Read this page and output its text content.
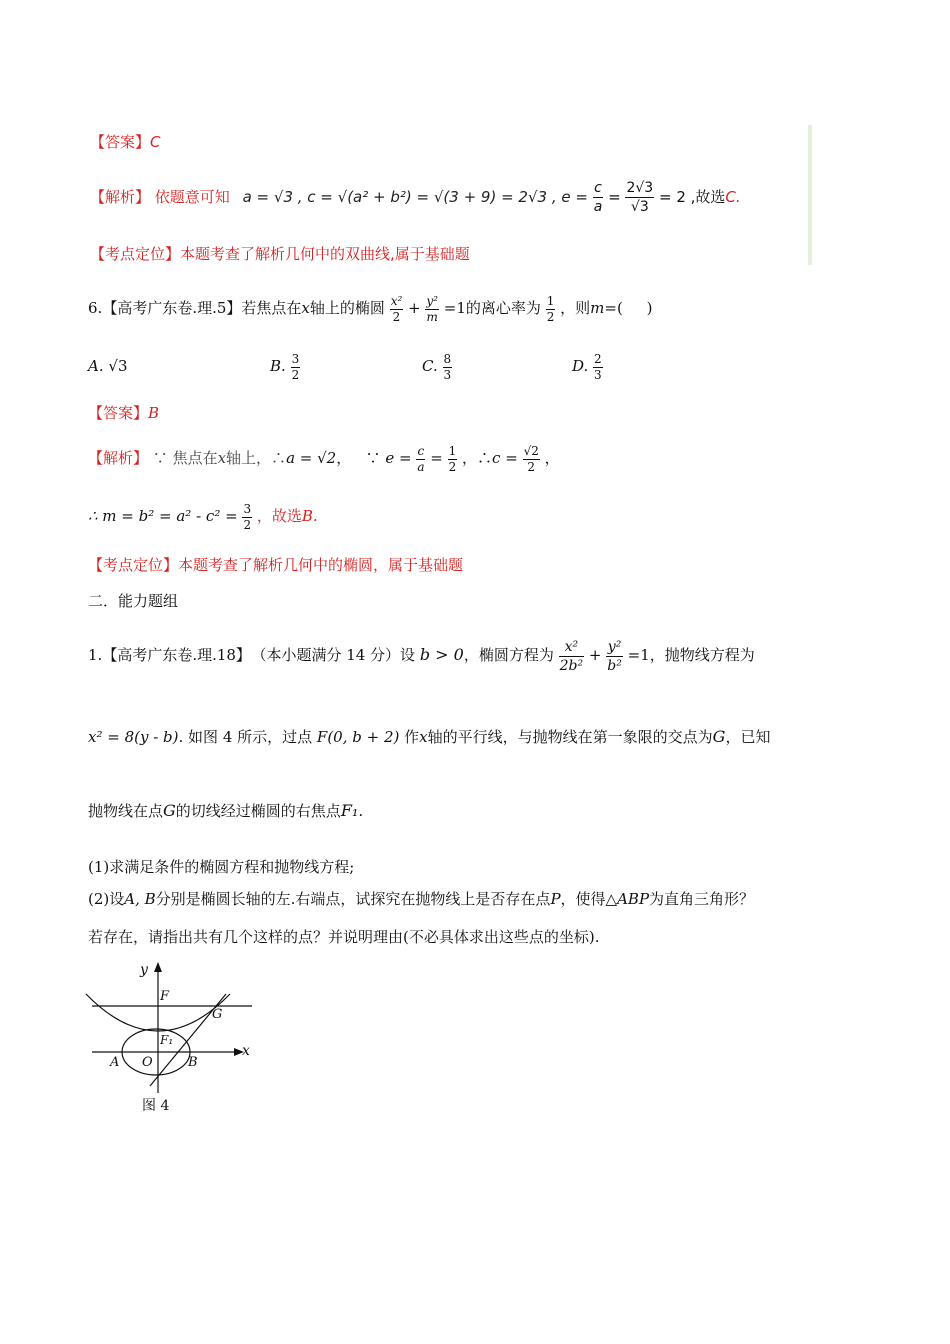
【答案】C
【解析】 依题意可知 a = √3 , c = √(a² + b²) = √(3 + 9) = 2√3 , $e = \frac{c}{a} = \frac{2√3}{√3} = 2$ ,故选C.
【考点定位】本题考查了解析几何中的双曲线,属于基础题
6.【高考广东卷.理.5】若焦点在x轴上的椭圆 $\frac{\text{x²}}{2} + \frac{\text{y²}}{m} =1$的离心率为 $\frac{1}{2}$ ，则m=(     )
A. √3	B. $\frac{3}{2}$	C. $\frac{8}{3}$	D. $\frac{2}{3}$
【答案】B
【解析】 ∵ 焦点在x轴上，∴a = √2，   ∵ $e = \frac{c}{a} = \frac{1}{2}$ ，∴c = $\frac{√2}{2}$ ，
∴ $m = b^2 = a^2 - c^2 = \frac{3}{2}$ ，故选B.
【考点定位】本题考查了解析几何中的椭圆，属于基础题
二．能力题组
1.【高考广东卷.理.18】 （本小题满分 14 分）设 b > 0，椭圆方程为 $\frac{\text{x²}}{\text{2b²}} + \frac{\text{y²}}{\text{b²}} =1$，抛物线方程为
x² = 8(y - b). 如图 4 所示，过点 F(0, b + 2) 作x轴的平行线，与抛物线在第一象限的交点为G，已知
抛物线在点G的切线经过椭圆的右焦点F₁.
(1)求满足条件的椭圆方程和抛物线方程;
(2)设A, B分别是椭圆长轴的左.右端点，试探究在抛物线上是否存在点P，使得△ABP为直角三角形？
若存在，请指出共有几个这样的点？并说明理由(不必具体求出这些点的坐标).
y
x
F
G
F₁
A O	B
图 4
